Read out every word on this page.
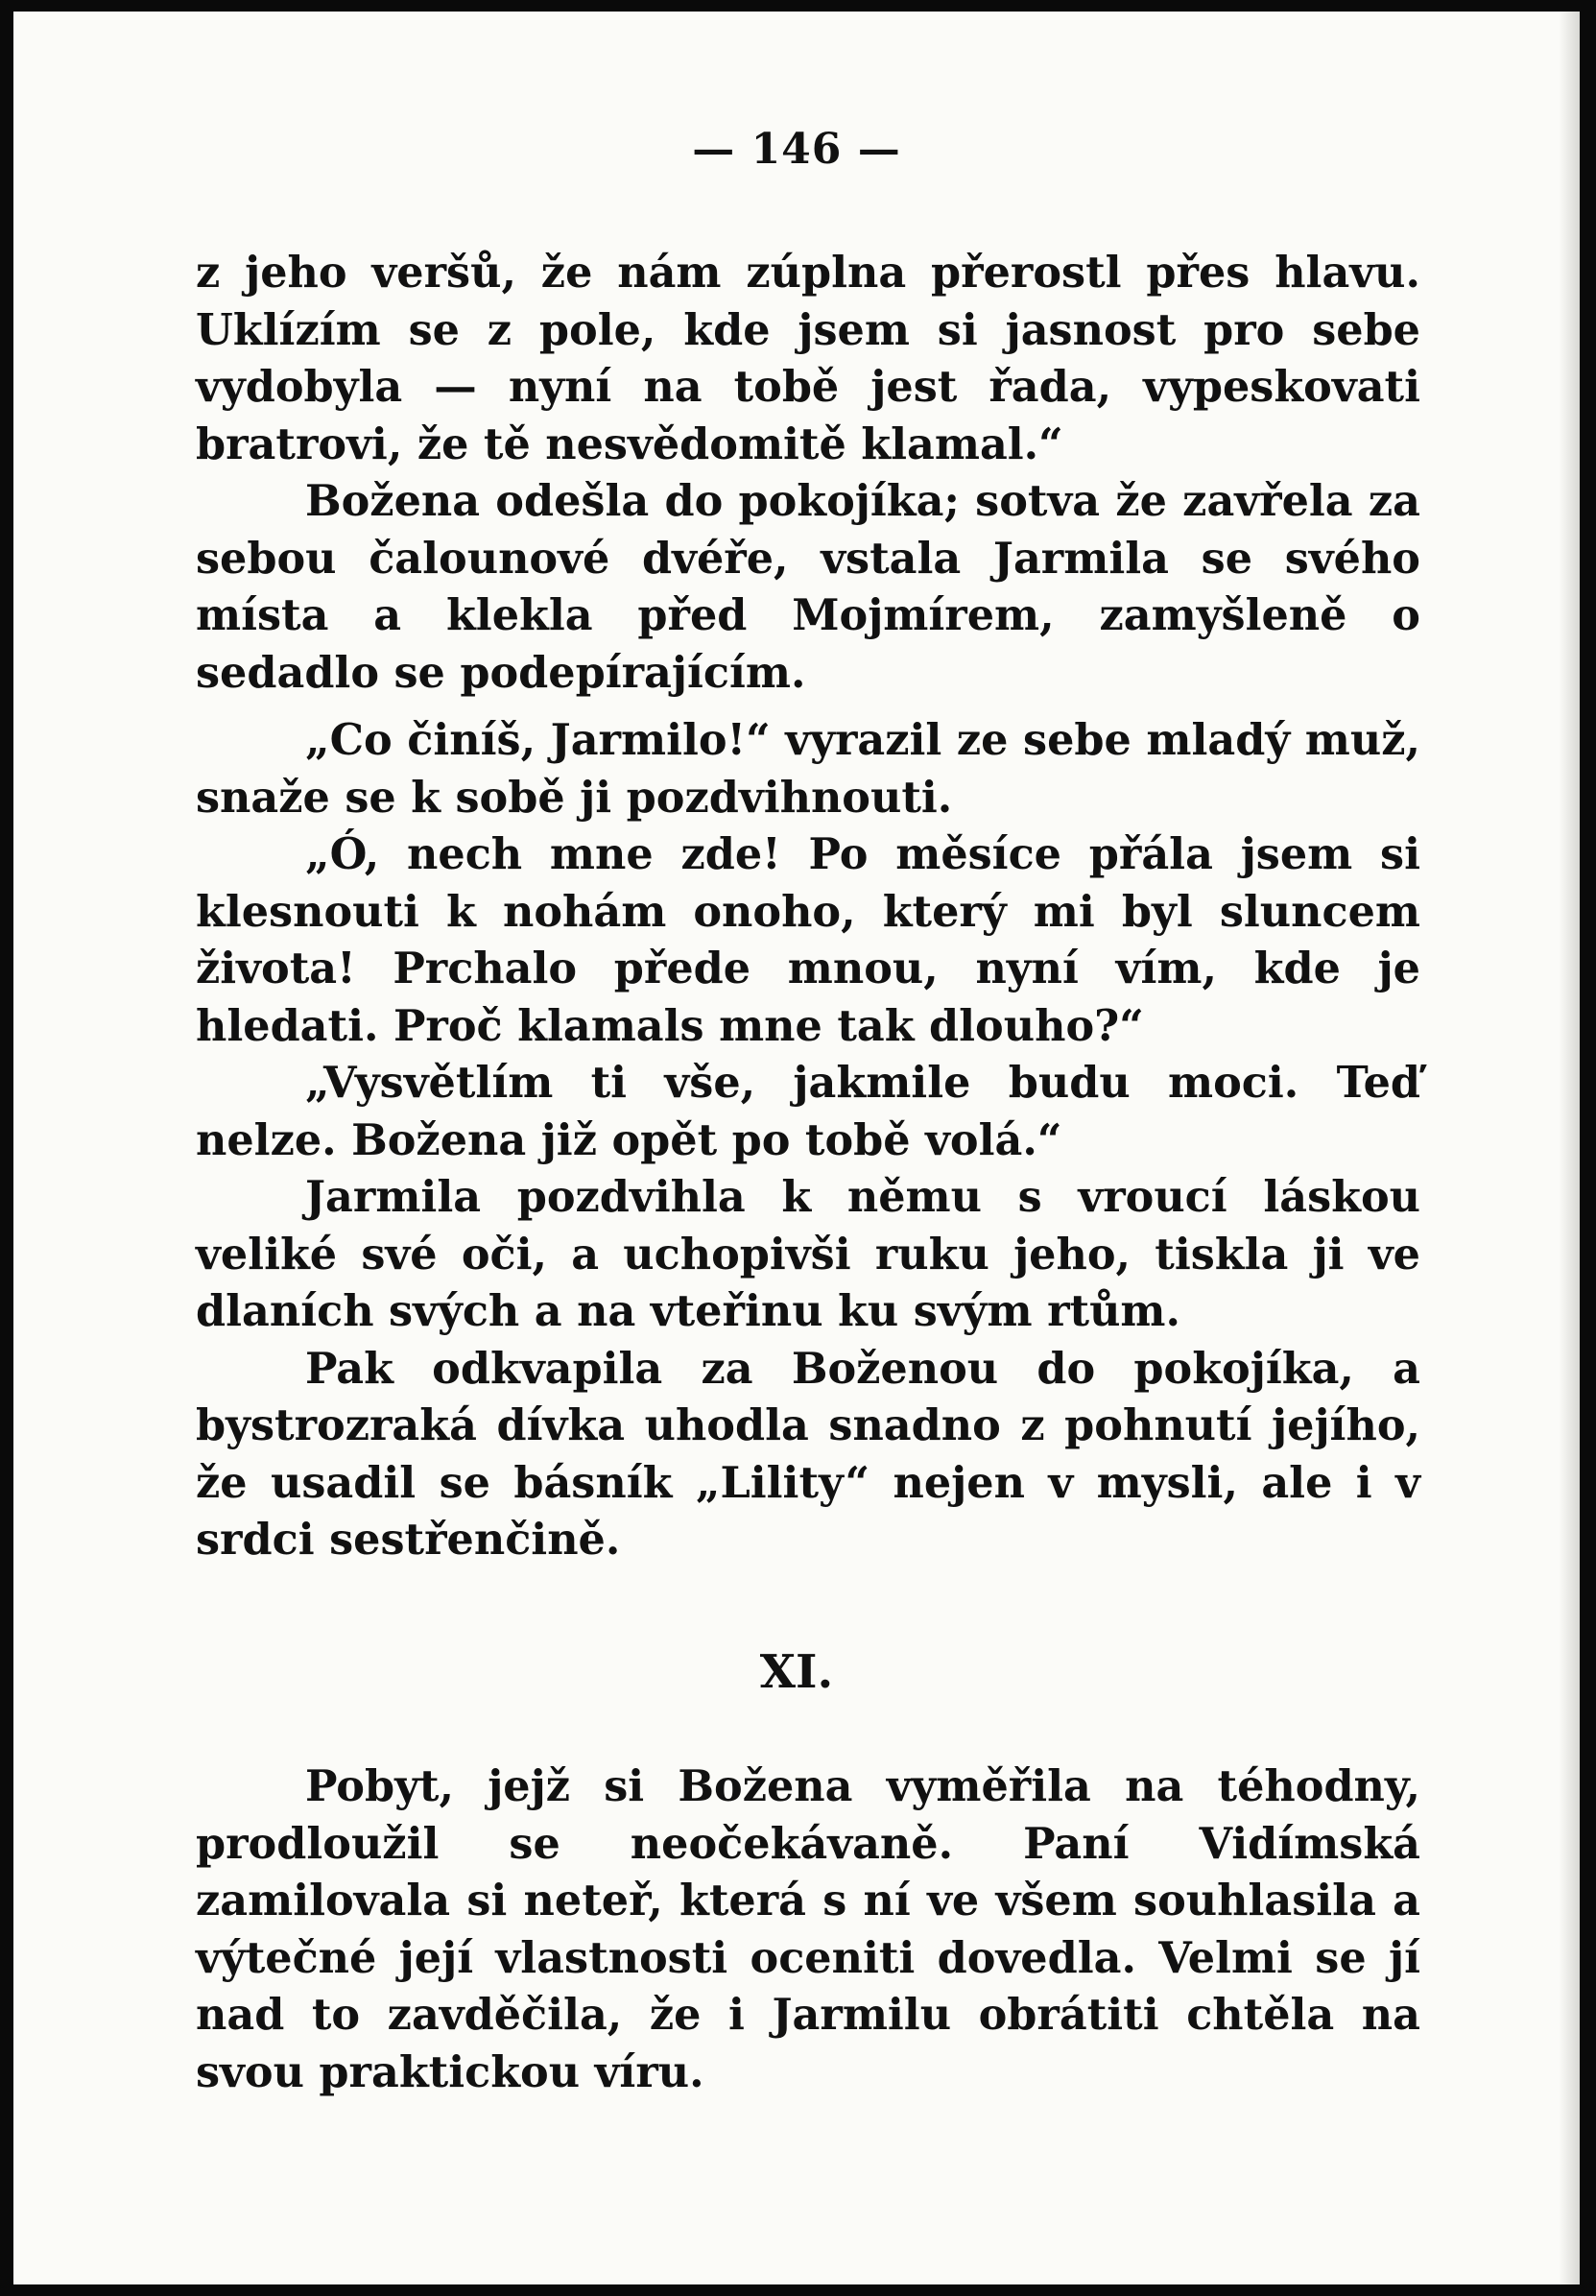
— 146 —

z jeho veršů, že nám zúplna přerostl přes hlavu. Uklízím se z pole, kde jsem si jasnost pro sebe vydobyla — nyní na tobě jest řada, vypeskovati bratrovi, že tě nesvědomitě klamal.“

Božena odešla do pokojíka; sotva že zavřela za sebou čalounové dvéře, vstala Jarmila se svého místa a klekla před Mojmírem, zamyšleně o sedadlo se podepírajícím.

„Co činíš, Jarmilo!“ vyrazil ze sebe mladý muž, snaže se k sobě ji pozdvihnouti.

„Ó, nech mne zde! Po měsíce přála jsem si klesnouti k nohám onoho, který mi byl sluncem života! Prchalo přede mnou, nyní vím, kde je hledati. Proč klamals mne tak dlouho?“

„Vysvětlím ti vše, jakmile budu moci. Teď nelze. Božena již opět po tobě volá.“

Jarmila pozdvihla k němu s vroucí láskou veliké své oči, a uchopivši ruku jeho, tiskla ji ve dlaních svých a na vteřinu ku svým rtům.

Pak odkvapila za Boženou do pokojíka, a bystrozraká dívka uhodla snadno z pohnutí jejího, že usadil se básník „Lility“ nejen v mysli, ale i v srdci sestřenčině.

XI.

Pobyt, jejž si Božena vyměřila na téhodny, prodloužil se neočekávaně. Paní Vidímská zamilovala si neteř, která s ní ve všem souhlasila a výtečné její vlastnosti oceniti dovedla. Velmi se jí nad to zavděčila, že i Jarmilu obrátiti chtěla na svou praktickou víru.
